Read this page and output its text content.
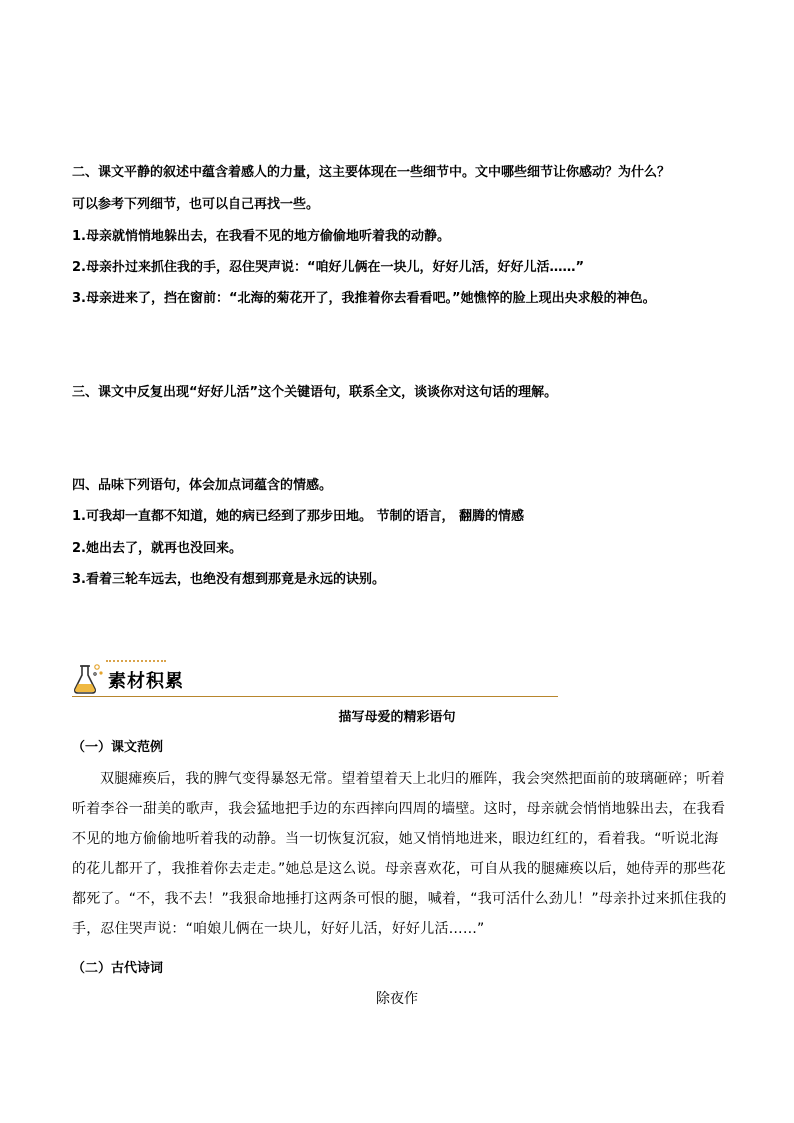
二、课文平静的叙述中蕴含着感人的力量，这主要体现在一些细节中。文中哪些细节让你感动？为什么？
可以参考下列细节，也可以自己再找一些。
1.母亲就悄悄地躲出去，在我看不见的地方偷偷地听着我的动静。
2.母亲扑过来抓住我的手，忍住哭声说：“咱好儿俩在一块儿，好好儿活，好好儿活……”
3.母亲进来了，挡在窗前：“北海的菊花开了，我推着你去看看吧。”她憔悴的脸上现出央求般的神色。
三、课文中反复出现“好好儿活”这个关键语句，联系全文，谈谈你对这句话的理解。
四、品味下列语句，体会加点词蕴含的情感。
1.可我却一直都不知道，她的病已经到了那步田地。 节制的语言， 翻腾的情感
2.她出去了，就再也没回来。
3.看着三轮车远去，也绝没有想到那竟是永远的诀别。
素材积累
描写母爱的精彩语句
（一）课文范例
双腿瘫痪后，我的脾气变得暴怒无常。望着望着天上北归的雁阵，我会突然把面前的玻璃砸碎；听着听着李谷一甜美的歌声，我会猛地把手边的东西摔向四周的墙壁。这时，母亲就会悄悄地躲出去，在我看不见的地方偷偷地听着我的动静。当一切恢复沉寂，她又悄悄地进来，眼边红红的，看着我。“听说北海的花儿都开了，我推着你去走走。”她总是这么说。母亲喜欢花，可自从我的腿瘫痪以后，她侍弄的那些花都死了。“不，我不去！”我狠命地捶打这两条可恨的腿，喊着，“我可活什么劲儿！”母亲扑过来抓住我的手，忍住哭声说：“咱娘儿俩在一块儿，好好儿活，好好儿活……”
（二）古代诗词
除夜作
